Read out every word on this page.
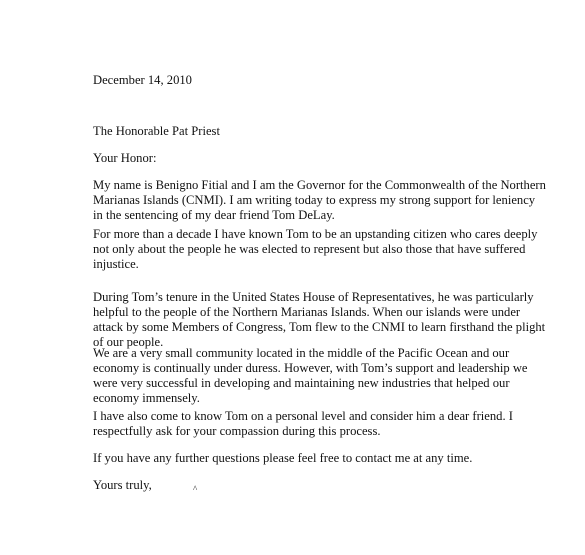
December 14, 2010

The Honorable Pat Priest

Your Honor:

My name is Benigno Fitial and I am the Governor for the Commonwealth of the Northern
Marianas Islands (CNMI). I am writing today to express my strong support for leniency
in the sentencing of my dear friend Tom DeLay.
For more than a decade I have known Tom to be an upstanding citizen who cares deeply
not only about the people he was elected to represent but also those that have suffered
injustice.
During Tom’s tenure in the United States House of Representatives, he was particularly
helpful to the people of the Northern Marianas Islands. When our islands were under
attack by some Members of Congress, Tom flew to the CNMI to learn firsthand the plight
of our people.
We are a very small community located in the middle of the Pacific Ocean and our
economy is continually under duress. However, with Tom’s support and leadership we
were very successful in developing and maintaining new industries that helped our
economy immensely.
I have also come to know Tom on a personal level and consider him a dear friend. I
respectfully ask for your compassion during this process.
If you have any further questions please feel free to contact me at any time.

Yours truly,	^
